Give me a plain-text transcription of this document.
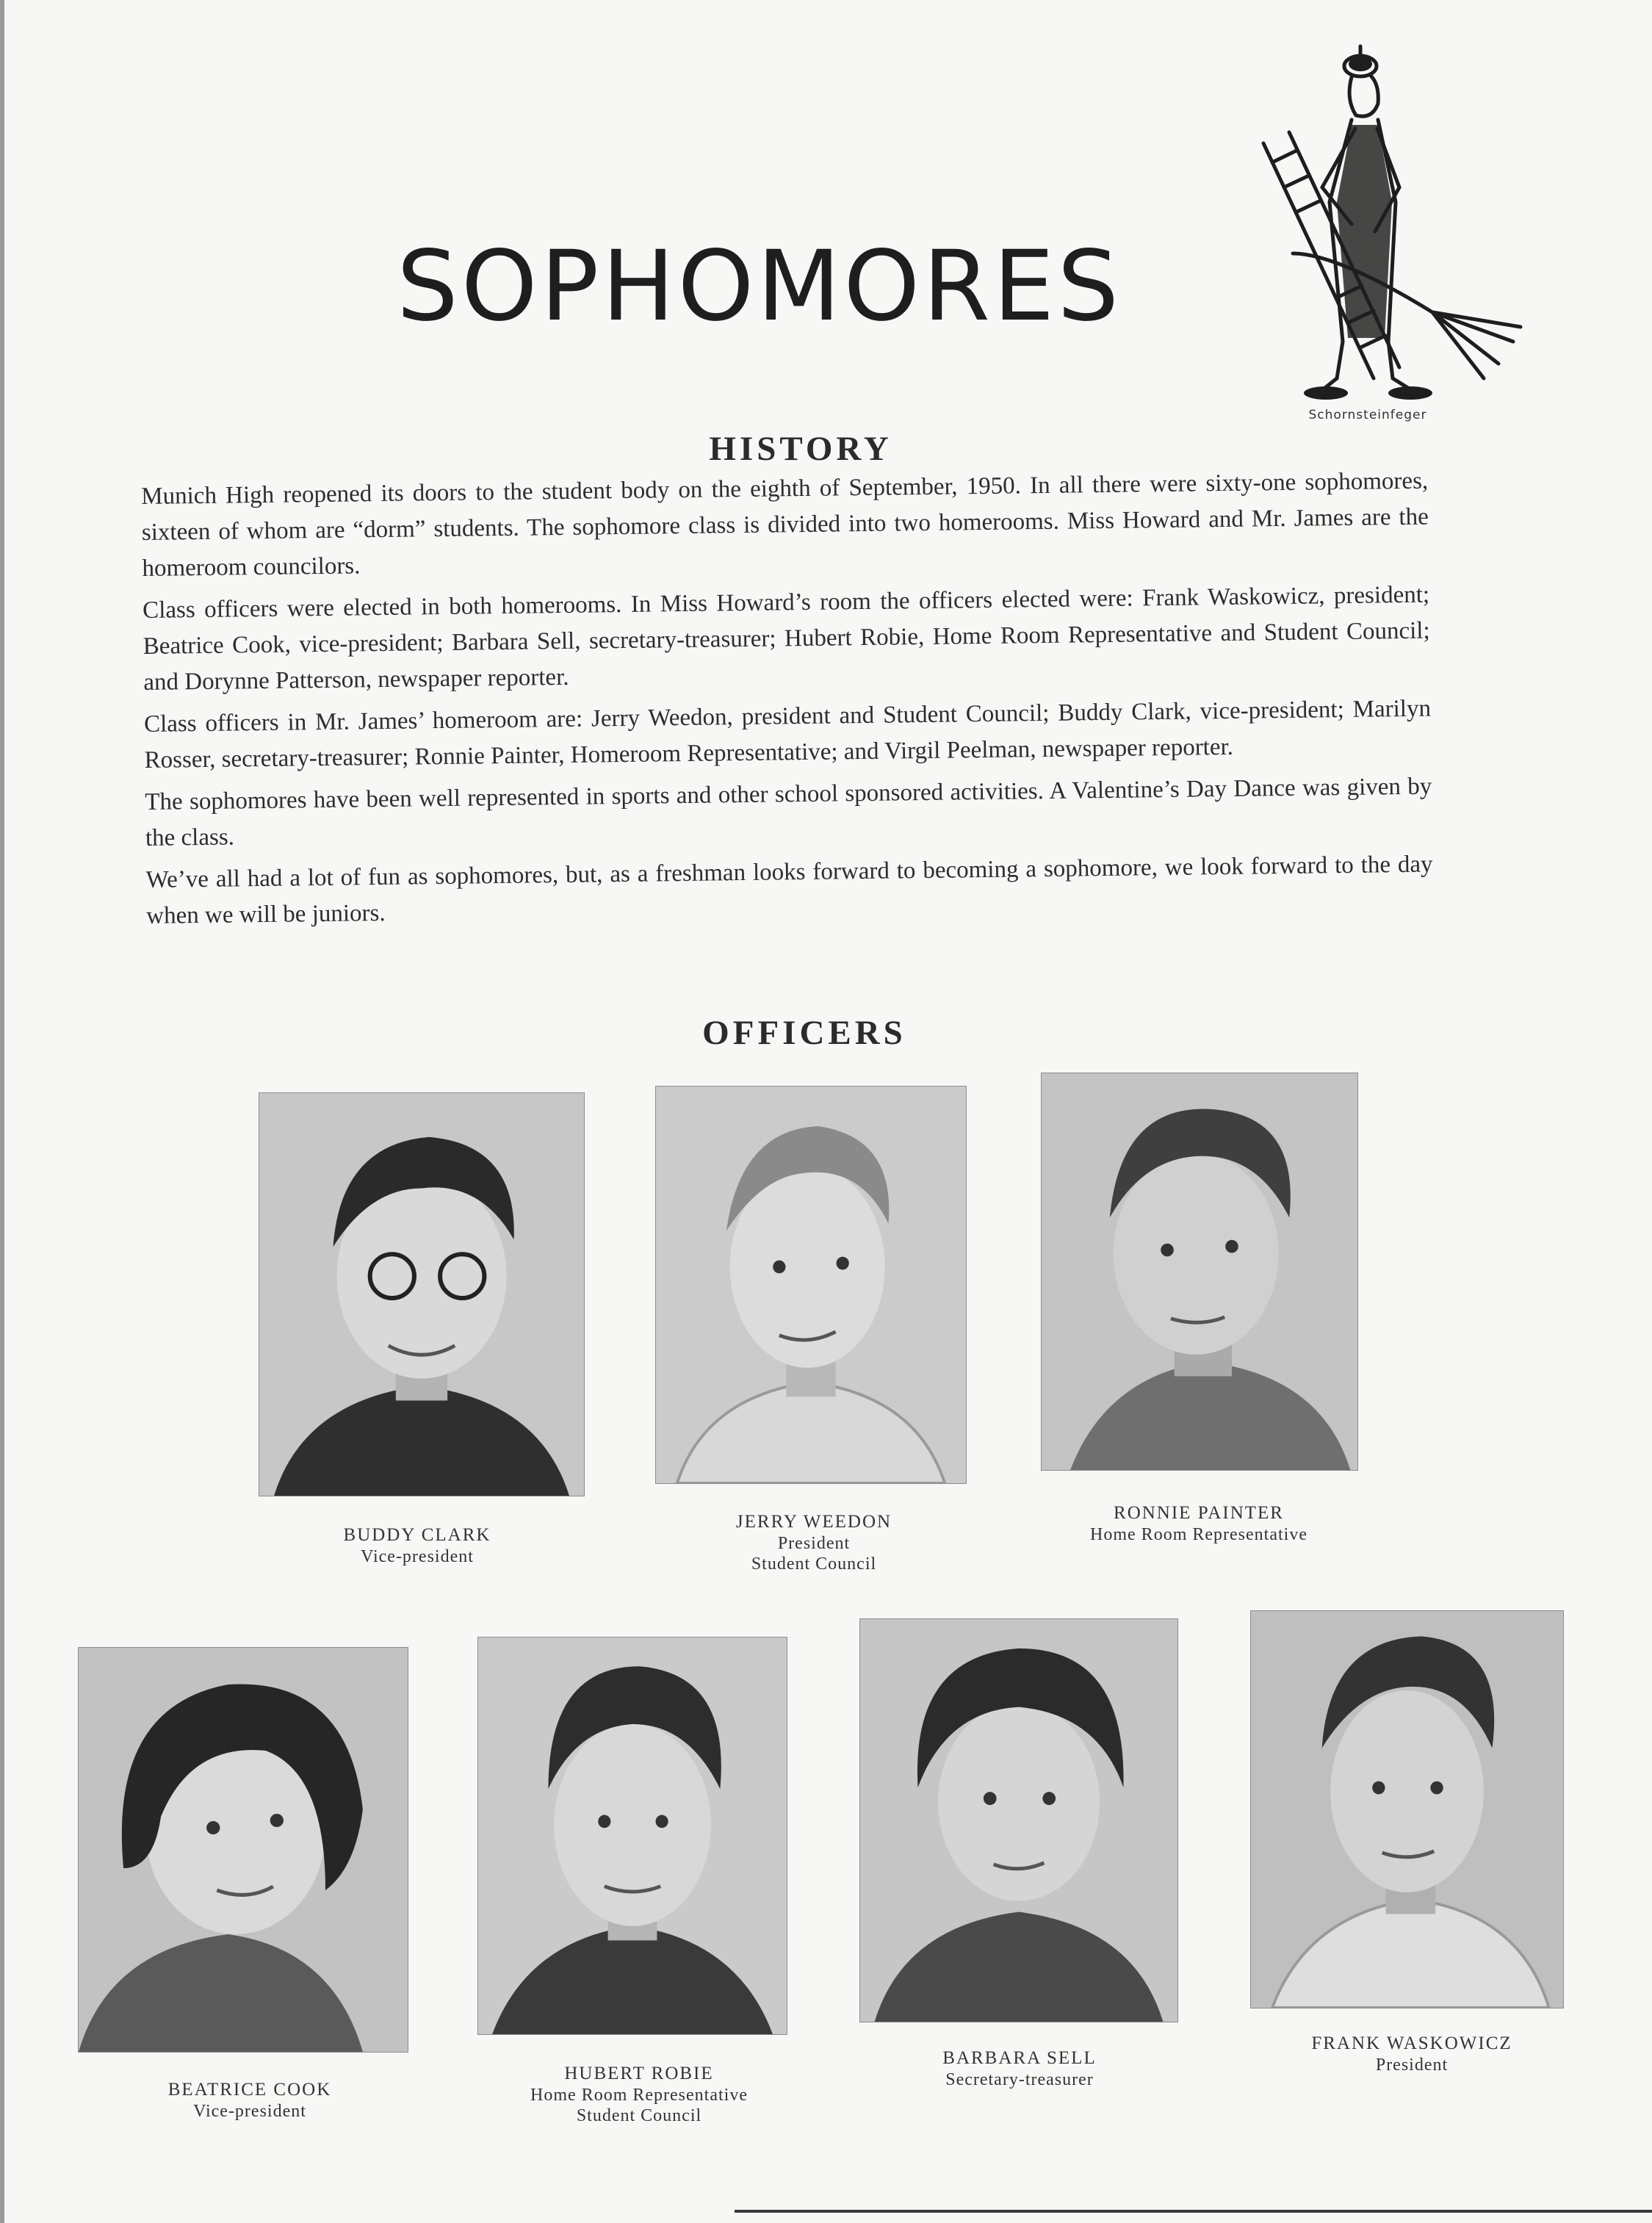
SOPHOMORES
Schornsteinfeger
HISTORY

Munich High reopened its doors to the student body on the eighth of September, 1950. In all there were sixty-one sophomores, sixteen of whom are “dorm” students. The sophomore class is divided into two homerooms. Miss Howard and Mr. James are the homeroom councilors.

Class officers were elected in both homerooms. In Miss Howard’s room the officers elected were: Frank Waskowicz, president; Beatrice Cook, vice-president; Barbara Sell, secretary-treasurer; Hubert Robie, Home Room Representative and Student Council; and Dorynne Patterson, newspaper reporter.

Class officers in Mr. James’ homeroom are: Jerry Weedon, president and Student Council; Buddy Clark, vice-president; Marilyn Rosser, secretary-treasurer; Ronnie Painter, Homeroom Representative; and Virgil Peelman, newspaper reporter.

The sophomores have been well represented in sports and other school sponsored activities. A Valentine’s Day Dance was given by the class.

We’ve all had a lot of fun as sophomores, but, as a freshman looks forward to becoming a sophomore, we look forward to the day when we will be juniors.

OFFICERS
BUDDY CLARK
Vice-president
JERRY WEEDON
President
Student Council
RONNIE PAINTER
Home Room Representative
BEATRICE COOK
Vice-president
HUBERT ROBIE
Home Room Representative
Student Council
BARBARA SELL
Secretary-treasurer
FRANK WASKOWICZ
President
